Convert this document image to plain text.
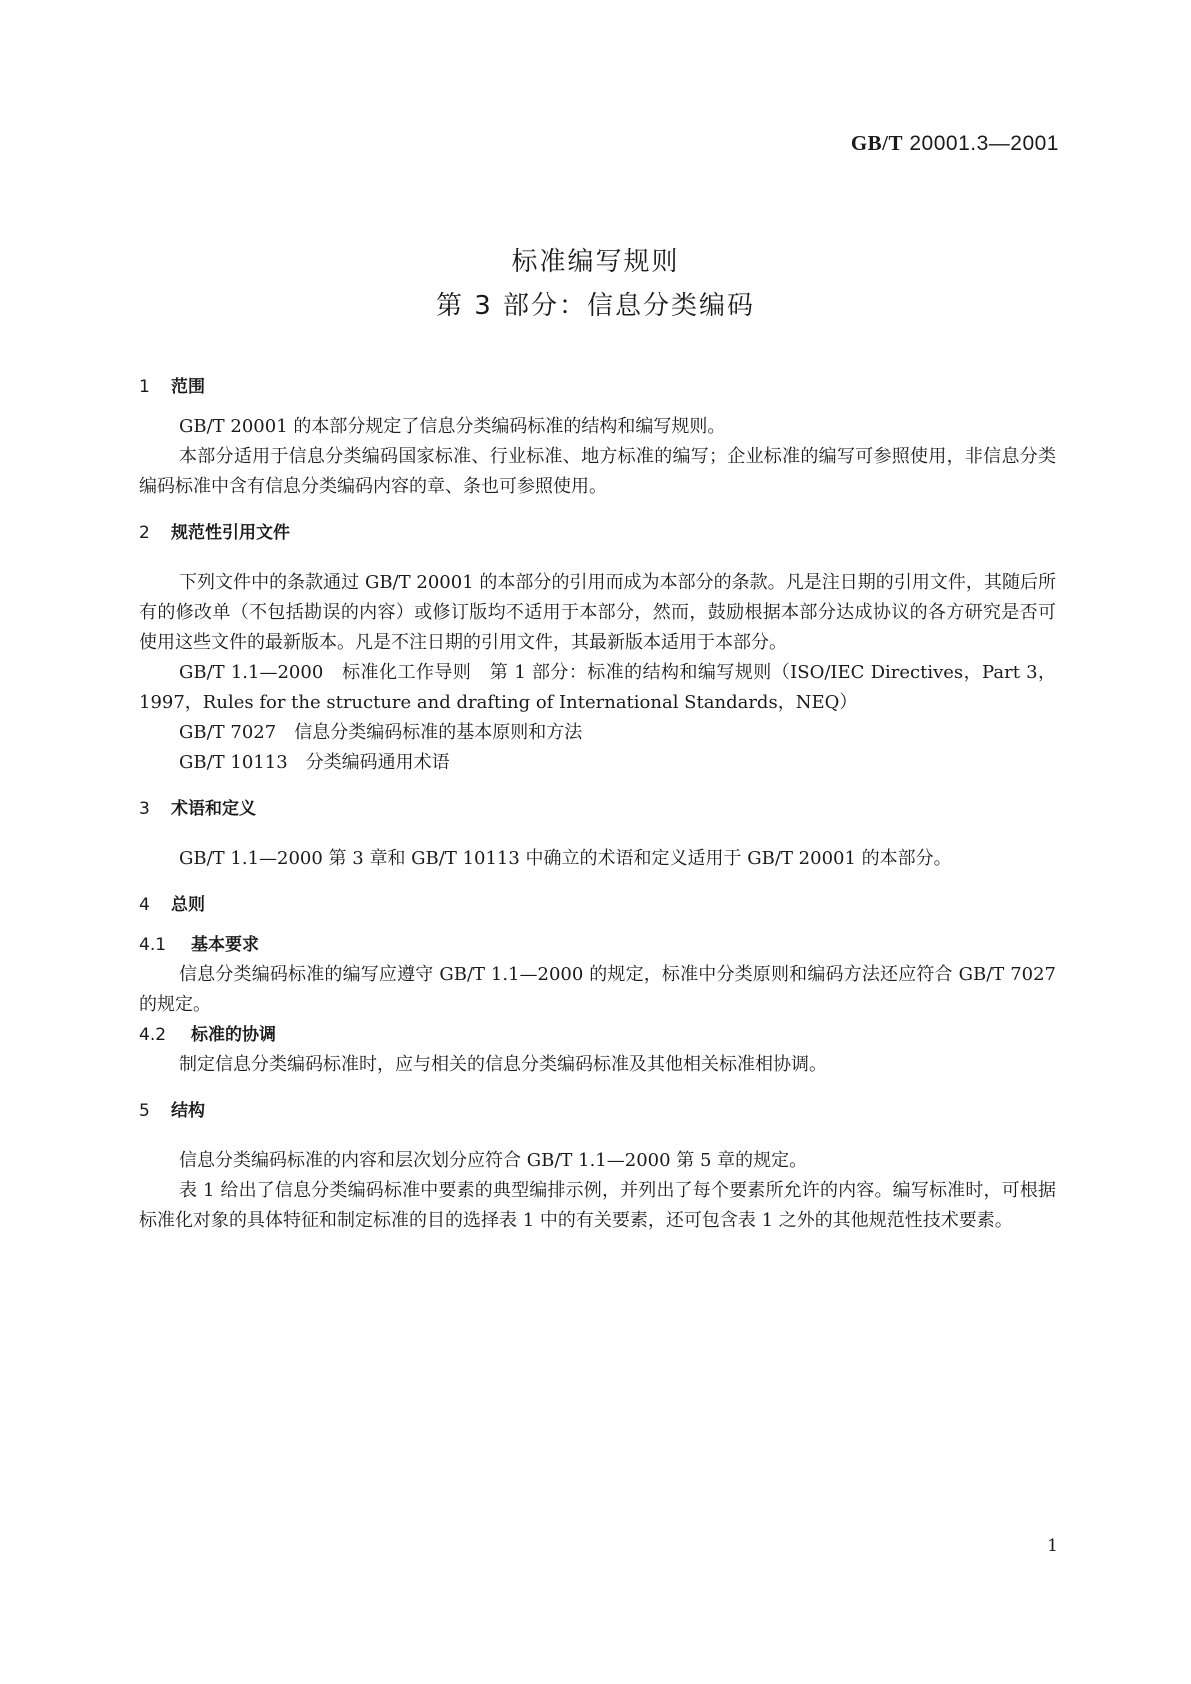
GB/T 20001.3—2001
标准编写规则
第 3 部分：信息分类编码
1 范围

GB/T 20001 的本部分规定了信息分类编码标准的结构和编写规则。

本部分适用于信息分类编码国家标准、行业标准、地方标准的编写；企业标准的编写可参照使用，非信息分类编码标准中含有信息分类编码内容的章、条也可参照使用。

2 规范性引用文件

下列文件中的条款通过 GB/T 20001 的本部分的引用而成为本部分的条款。凡是注日期的引用文件，其随后所有的修改单（不包括勘误的内容）或修订版均不适用于本部分，然而，鼓励根据本部分达成协议的各方研究是否可使用这些文件的最新版本。凡是不注日期的引用文件，其最新版本适用于本部分。

GB/T 1.1—2000　标准化工作导则　第 1 部分：标准的结构和编写规则（ISO/IEC Directives，Part 3，1997，Rules for the structure and drafting of International Standards，NEQ）

GB/T 7027　信息分类编码标准的基本原则和方法

GB/T 10113　分类编码通用术语

3 术语和定义

GB/T 1.1—2000 第 3 章和 GB/T 10113 中确立的术语和定义适用于 GB/T 20001 的本部分。

4 总则
4.1 基本要求

信息分类编码标准的编写应遵守 GB/T 1.1—2000 的规定，标准中分类原则和编码方法还应符合 GB/T 7027 的规定。

4.2 标准的协调

制定信息分类编码标准时，应与相关的信息分类编码标准及其他相关标准相协调。

5 结构

信息分类编码标准的内容和层次划分应符合 GB/T 1.1—2000 第 5 章的规定。

表 1 给出了信息分类编码标准中要素的典型编排示例，并列出了每个要素所允许的内容。编写标准时，可根据标准化对象的具体特征和制定标准的目的选择表 1 中的有关要素，还可包含表 1 之外的其他规范性技术要素。

1
